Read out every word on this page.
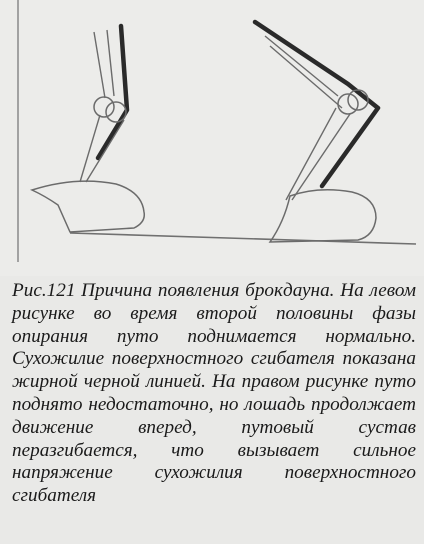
Рис.121 Причина появления брокдауна. На левом рисунке во время второй половины фазы опирания путо поднимается нормально. Сухожилие поверхностного сгибателя показана жирной черной линией. На правом рисунке путо поднято недостаточно, но лошадь продолжает движение вперед, путовый сустав перазгибается, что вызывает сильное напряжение сухожилия поверхностного сгибателя
